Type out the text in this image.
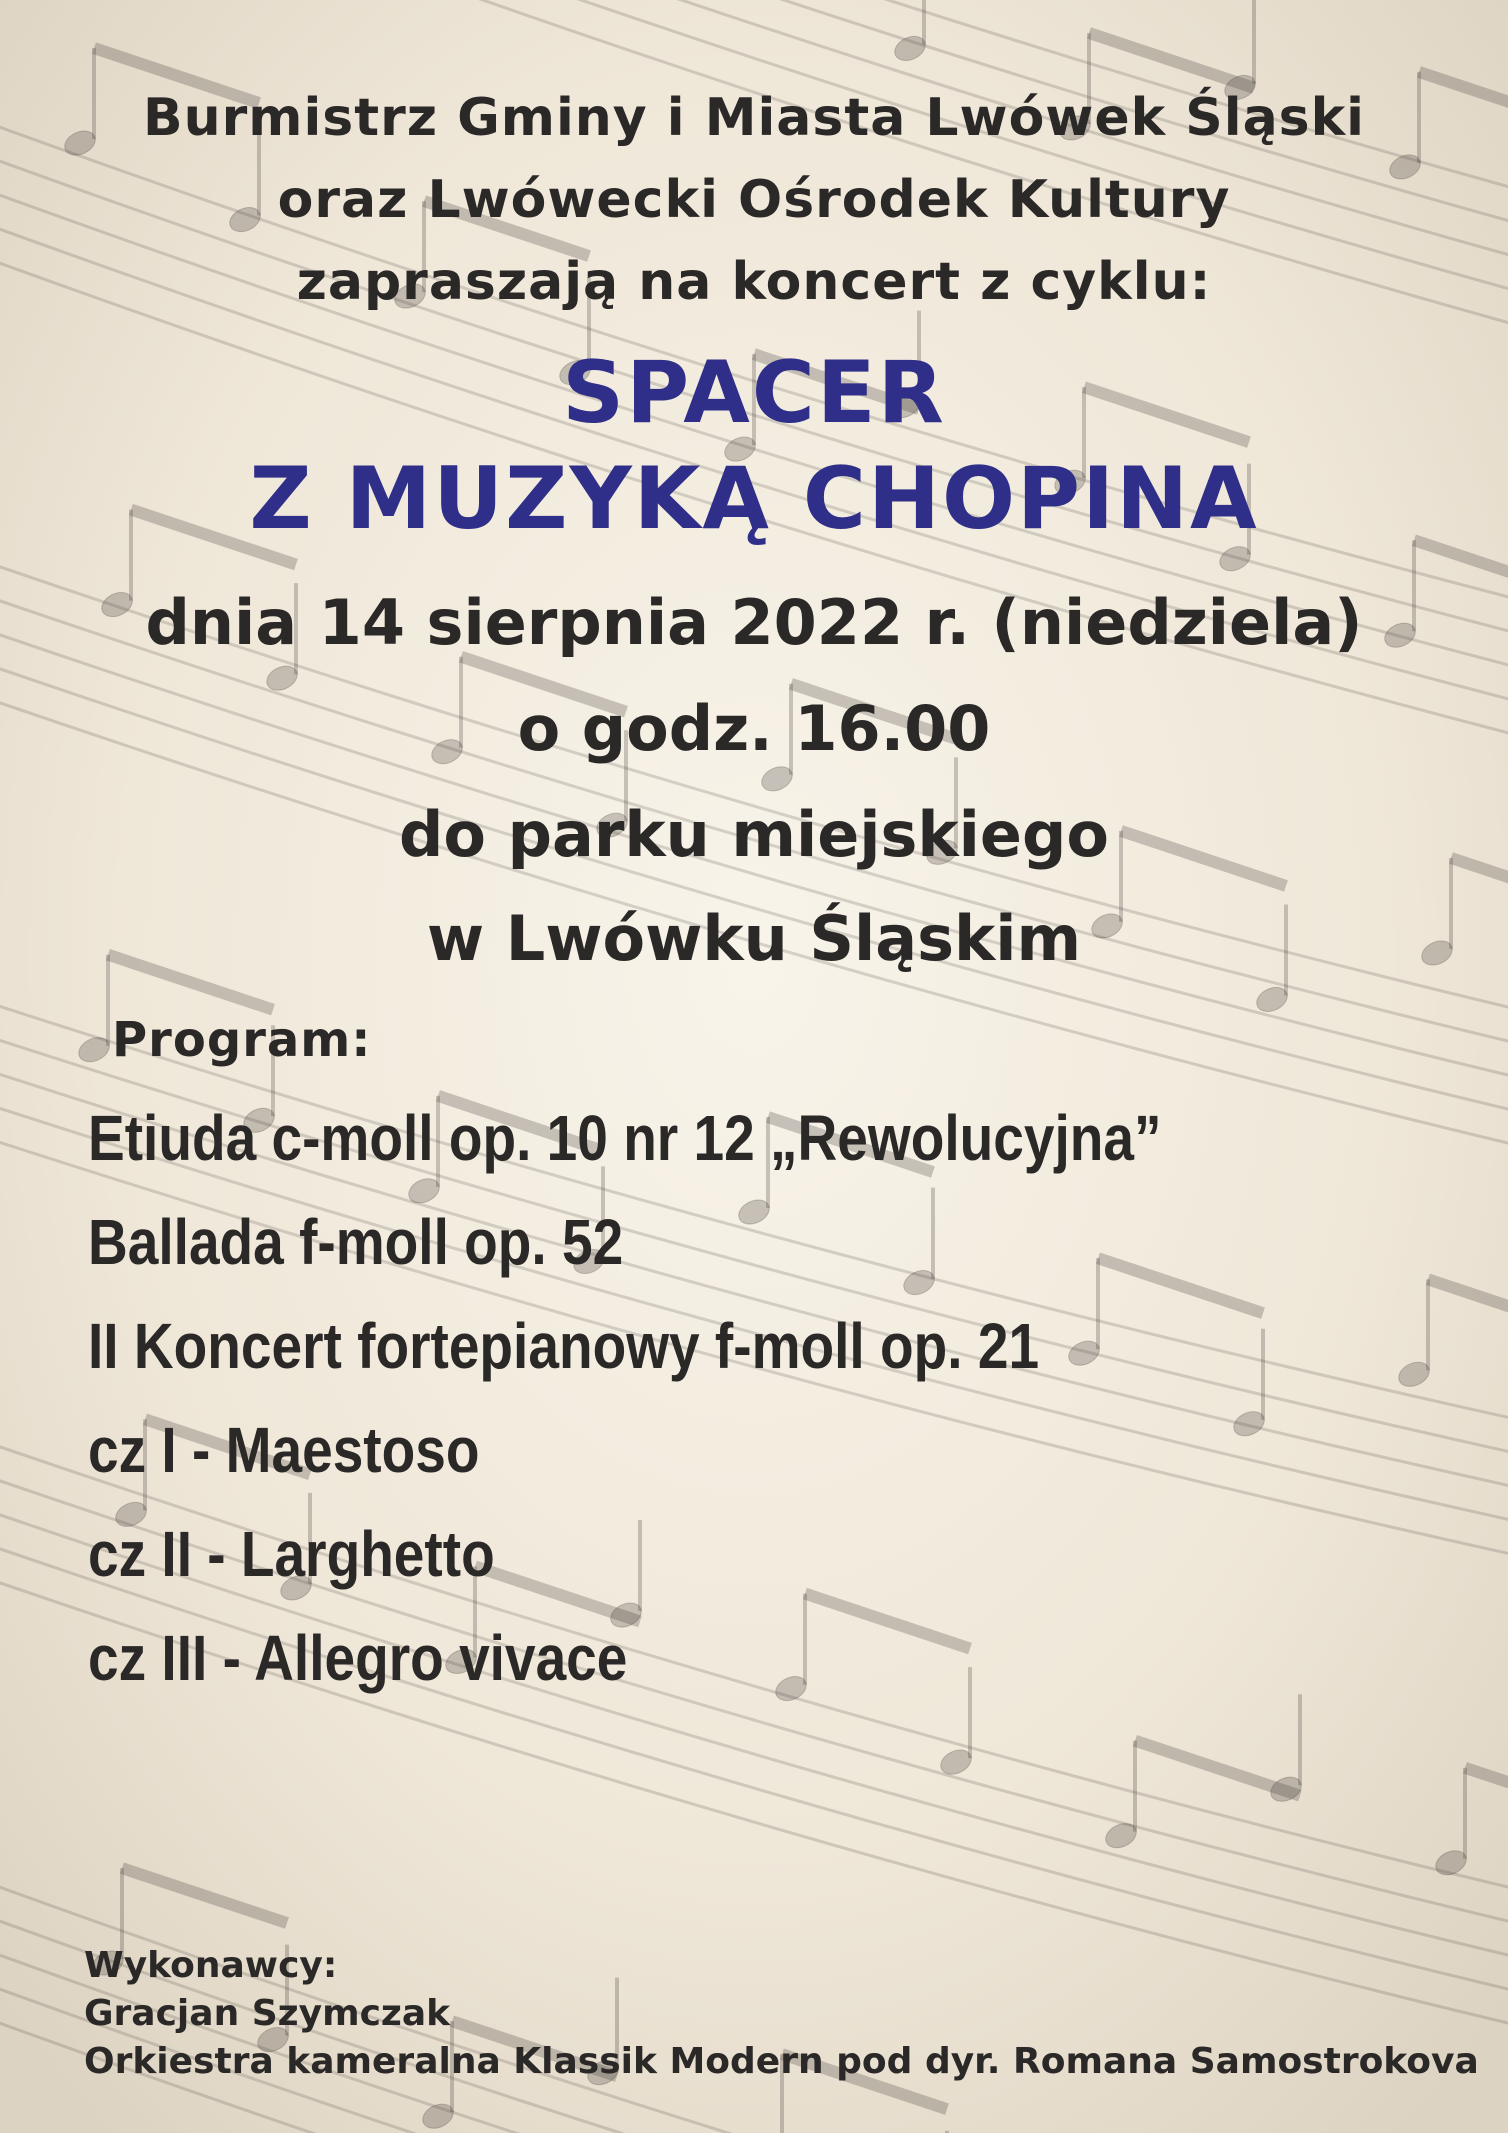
Burmistrz Gminy i Miasta Lwówek Śląski
oraz Lwówecki Ośrodek Kultury
zapraszają na koncert z cyklu:
SPACER
Z MUZYKĄ CHOPINA
dnia 14 sierpnia 2022 r. (niedziela)
o godz. 16.00
do parku miejskiego
w Lwówku Śląskim
Program:
Etiuda c-moll op. 10 nr 12 „Rewolucyjna”
Ballada f-moll op. 52
II Koncert fortepianowy f-moll op. 21
cz I - Maestoso
cz II - Larghetto
cz III - Allegro vivace
Wykonawcy:
Gracjan Szymczak
Orkiestra kameralna Klassik Modern pod dyr. Romana Samostrokova
